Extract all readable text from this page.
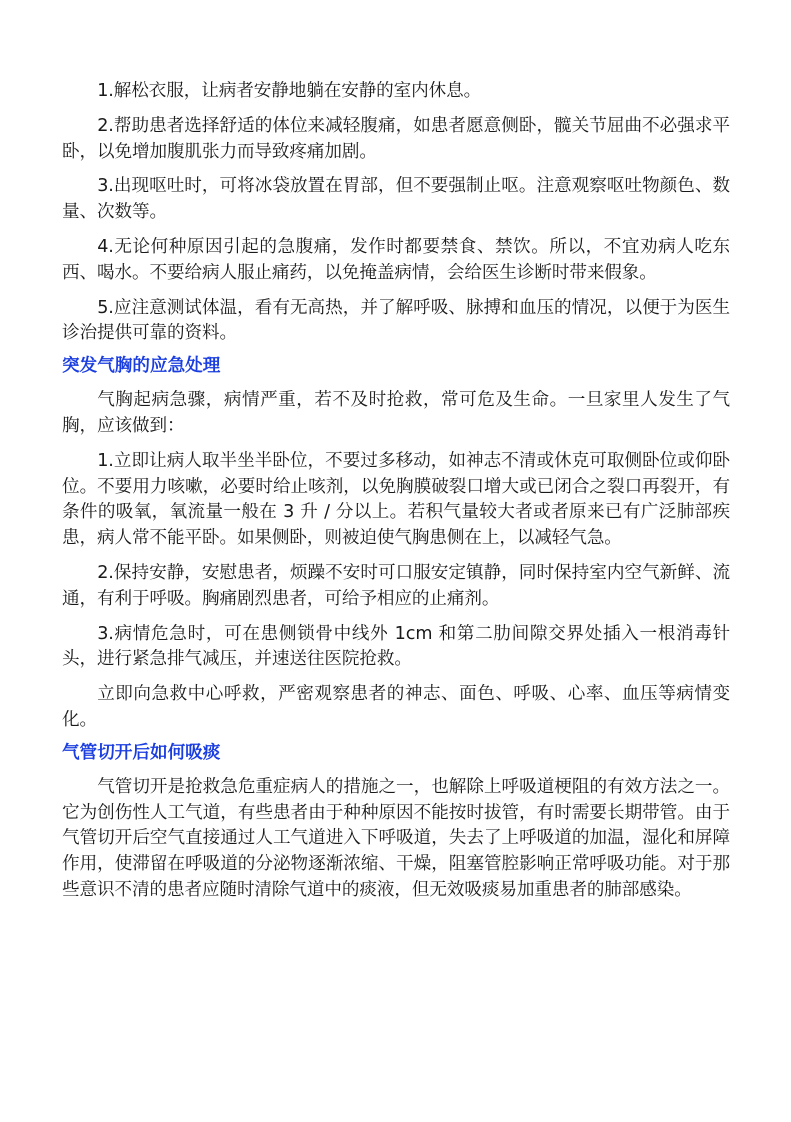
1.解松衣服，让病者安静地躺在安静的室内休息。

2.帮助患者选择舒适的体位来减轻腹痛，如患者愿意侧卧，髋关节屈曲不必强求平卧，以免增加腹肌张力而导致疼痛加剧。

3.出现呕吐时，可将冰袋放置在胃部，但不要强制止呕。注意观察呕吐物颜色、数量、次数等。

4.无论何种原因引起的急腹痛，发作时都要禁食、禁饮。所以，不宜劝病人吃东西、喝水。不要给病人服止痛药，以免掩盖病情，会给医生诊断时带来假象。

5.应注意测试体温，看有无高热，并了解呼吸、脉搏和血压的情况，以便于为医生诊治提供可靠的资料。

突发气胸的应急处理

气胸起病急骤，病情严重，若不及时抢救，常可危及生命。一旦家里人发生了气胸，应该做到：

1.立即让病人取半坐半卧位，不要过多移动，如神志不清或休克可取侧卧位或仰卧位。不要用力咳嗽，必要时给止咳剂，以免胸膜破裂口增大或已闭合之裂口再裂开，有条件的吸氧，氧流量一般在 3 升 / 分以上。若积气量较大者或者原来已有广泛肺部疾患，病人常不能平卧。如果侧卧，则被迫使气胸患侧在上，以减轻气急。

2.保持安静，安慰患者，烦躁不安时可口服安定镇静，同时保持室内空气新鲜、流通，有利于呼吸。胸痛剧烈患者，可给予相应的止痛剂。

3.病情危急时，可在患侧锁骨中线外 1cm 和第二肋间隙交界处插入一根消毒针头，进行紧急排气减压，并速送往医院抢救。

立即向急救中心呼救，严密观察患者的神志、面色、呼吸、心率、血压等病情变化。

气管切开后如何吸痰

气管切开是抢救急危重症病人的措施之一，也解除上呼吸道梗阻的有效方法之一。它为创伤性人工气道，有些患者由于种种原因不能按时拔管，有时需要长期带管。由于气管切开后空气直接通过人工气道进入下呼吸道，失去了上呼吸道的加温，湿化和屏障作用，使滞留在呼吸道的分泌物逐渐浓缩、干燥，阻塞管腔影响正常呼吸功能。对于那些意识不清的患者应随时清除气道中的痰液，但无效吸痰易加重患者的肺部感染。
